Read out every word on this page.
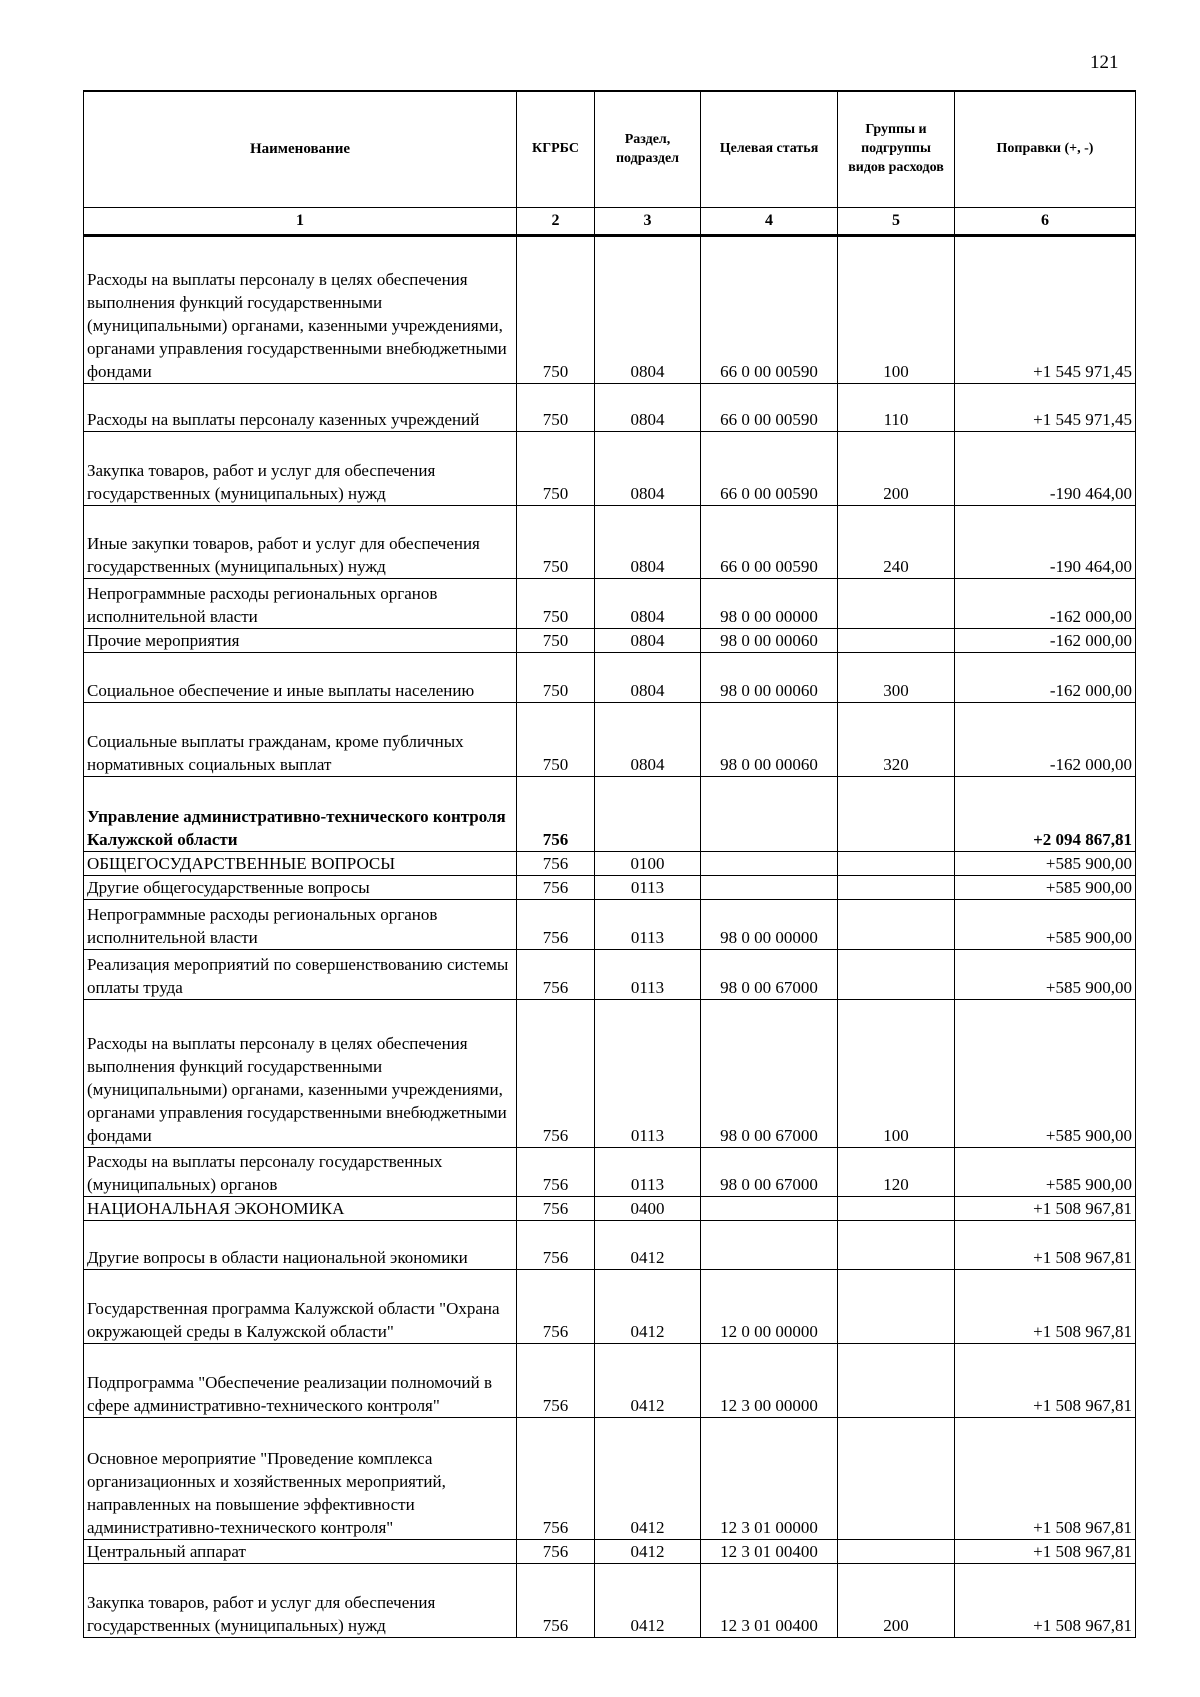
121
Наименование	КГРБС	Раздел, подраздел	Целевая статья	Группы и подгруппы видов расходов	Поправки (+, -)
1	2	3	4	5	6
Расходы на выплаты персоналу в целях обеспечения выполнения функций государственными (муниципальными) органами, казенными учреждениями, органами управления государственными внебюджетными фондами	750	0804	66 0 00 00590	100	+1 545 971,45
Расходы на выплаты персоналу казенных учреждений	750	0804	66 0 00 00590	110	+1 545 971,45
Закупка товаров, работ и услуг для обеспечения государственных (муниципальных) нужд	750	0804	66 0 00 00590	200	-190 464,00
Иные закупки товаров, работ и услуг для обеспечения государственных (муниципальных) нужд	750	0804	66 0 00 00590	240	-190 464,00
Непрограммные расходы региональных органов исполнительной власти	750	0804	98 0 00 00000		-162 000,00
Прочие мероприятия	750	0804	98 0 00 00060		-162 000,00
Социальное обеспечение и иные выплаты населению	750	0804	98 0 00 00060	300	-162 000,00
Социальные выплаты гражданам, кроме публичных нормативных социальных выплат	750	0804	98 0 00 00060	320	-162 000,00
Управление административно-технического контроля Калужской области	756				+2 094 867,81
ОБЩЕГОСУДАРСТВЕННЫЕ ВОПРОСЫ	756	0100			+585 900,00
Другие общегосударственные вопросы	756	0113			+585 900,00
Непрограммные расходы региональных органов исполнительной власти	756	0113	98 0 00 00000		+585 900,00
Реализация мероприятий по совершенствованию системы оплаты труда	756	0113	98 0 00 67000		+585 900,00
Расходы на выплаты персоналу в целях обеспечения выполнения функций государственными (муниципальными) органами, казенными учреждениями, органами управления государственными внебюджетными фондами	756	0113	98 0 00 67000	100	+585 900,00
Расходы на выплаты персоналу государственных (муниципальных) органов	756	0113	98 0 00 67000	120	+585 900,00
НАЦИОНАЛЬНАЯ ЭКОНОМИКА	756	0400			+1 508 967,81
Другие вопросы в области национальной экономики	756	0412			+1 508 967,81
Государственная программа Калужской области "Охрана окружающей среды в Калужской области"	756	0412	12 0 00 00000		+1 508 967,81
Подпрограмма "Обеспечение реализации полномочий в сфере административно-технического контроля"	756	0412	12 3 00 00000		+1 508 967,81
Основное мероприятие "Проведение комплекса организационных и хозяйственных мероприятий, направленных на повышение эффективности административно-технического контроля"	756	0412	12 3 01 00000		+1 508 967,81
Центральный аппарат	756	0412	12 3 01 00400		+1 508 967,81
Закупка товаров, работ и услуг для обеспечения государственных (муниципальных) нужд	756	0412	12 3 01 00400	200	+1 508 967,81
